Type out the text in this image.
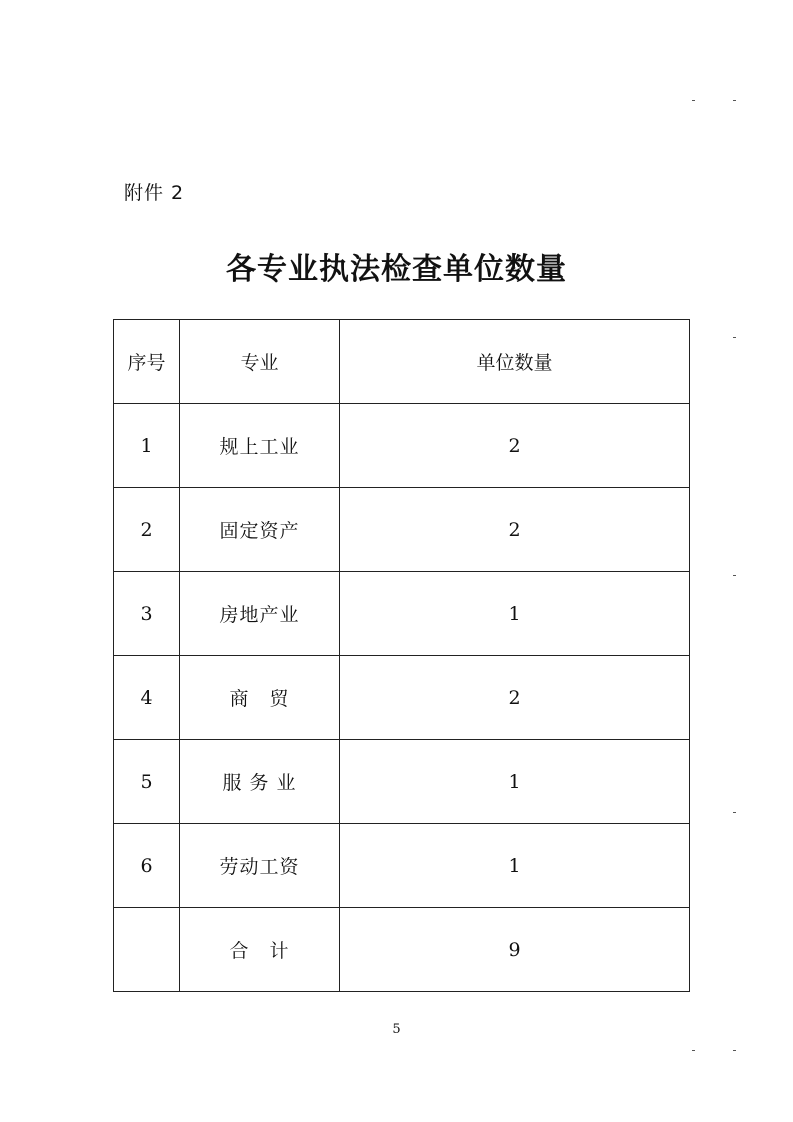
附件 2
各专业执法检查单位数量
序号	专业	单位数量
1	规上工业	2
2	固定资产	2
3	房地产业	1
4	商　贸	2
5	服 务 业	1
6	劳动工资	1
	合　计	9
5
